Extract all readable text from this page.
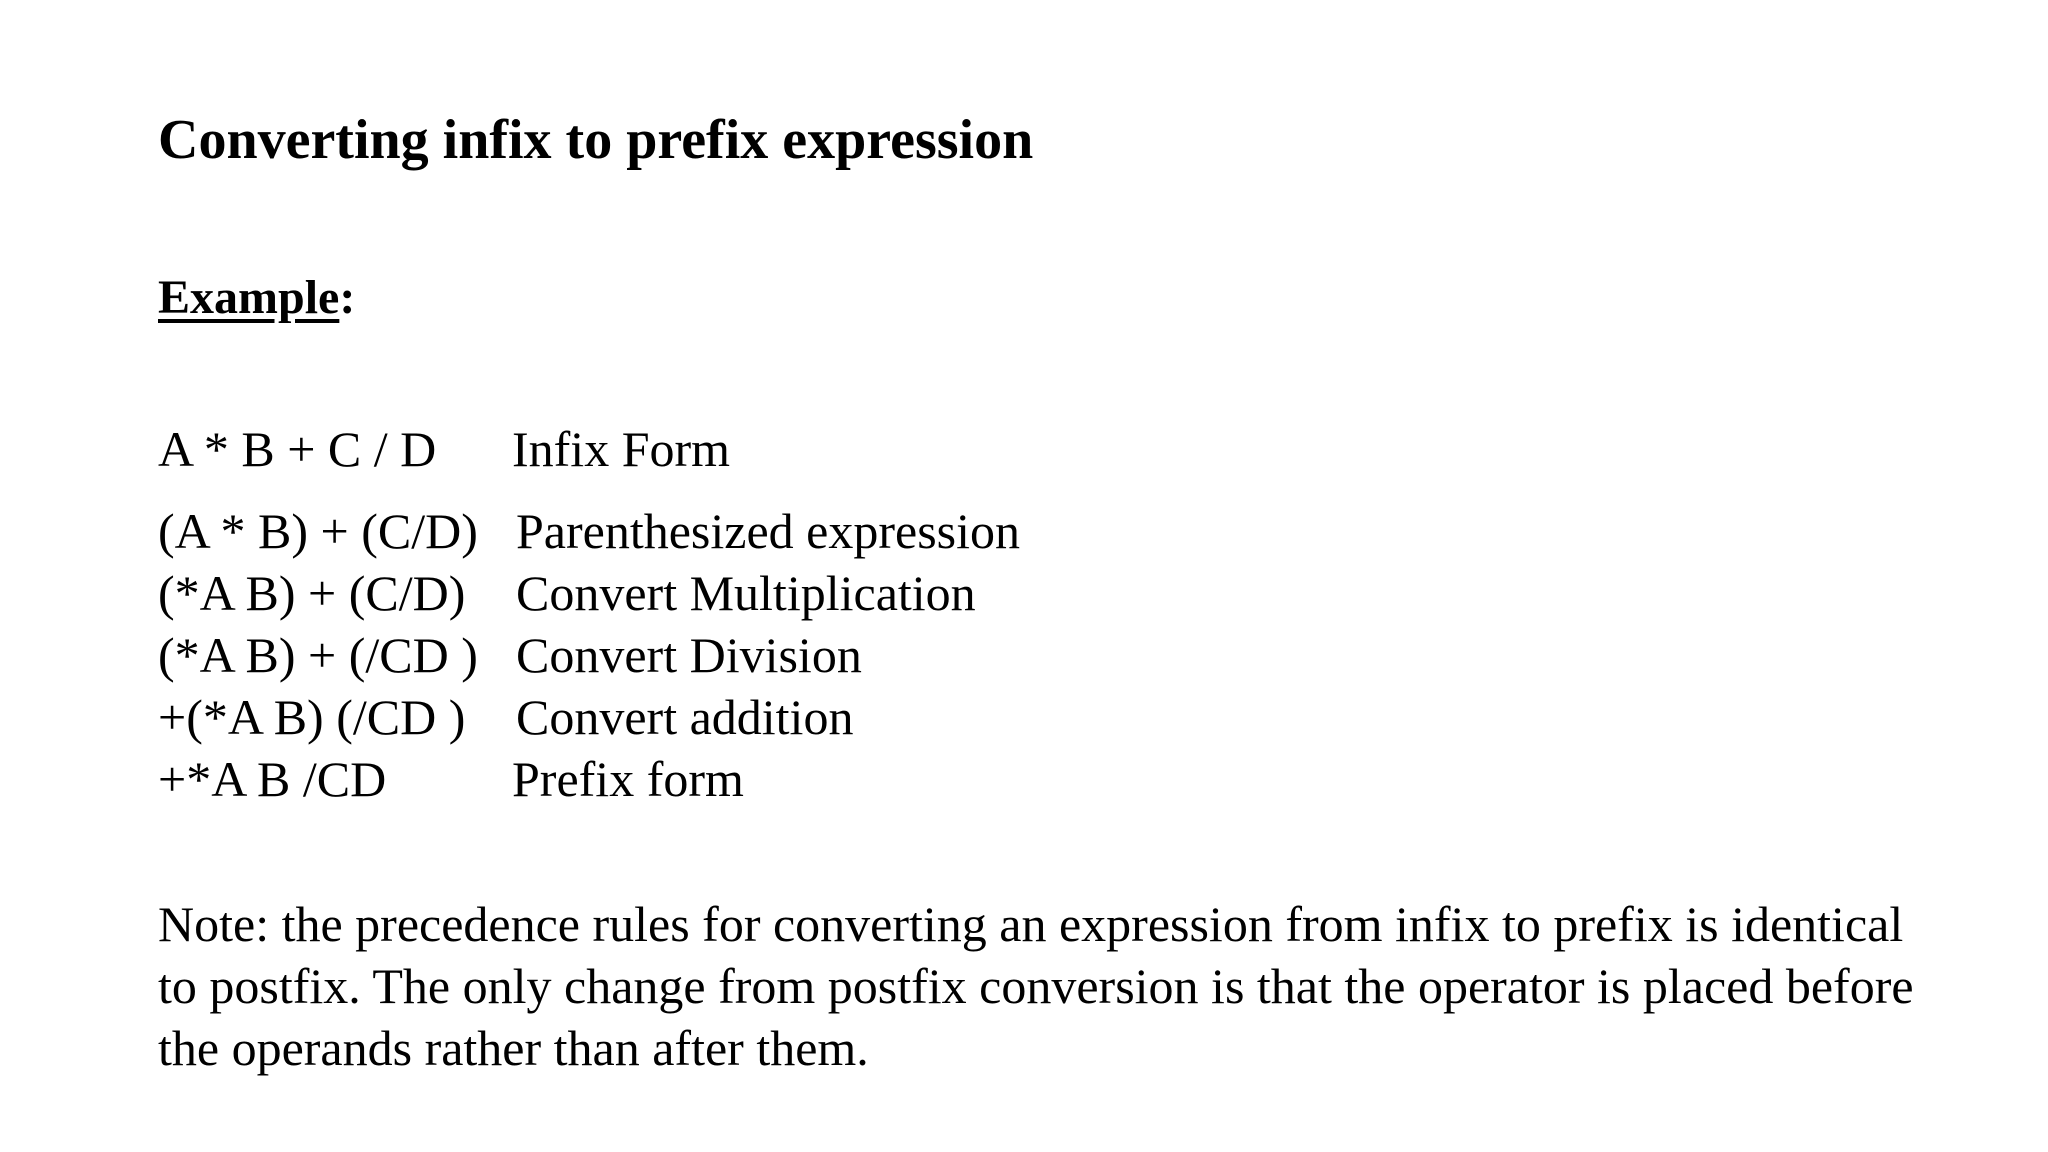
Converting infix to prefix expression
Example:
A * B + C / D Infix Form
(A * B) + (C/D) Parenthesized expression
(*A B) + (C/D) Convert Multiplication
(*A B) + (/CD ) Convert Division
+(*A B) (/CD ) Convert addition
+*A B /CD	Prefix form

Note: the precedence rules for converting an expression from infix to prefix is identical to postfix. The only change from postfix conversion is that the operator is placed before the operands rather than after them.
